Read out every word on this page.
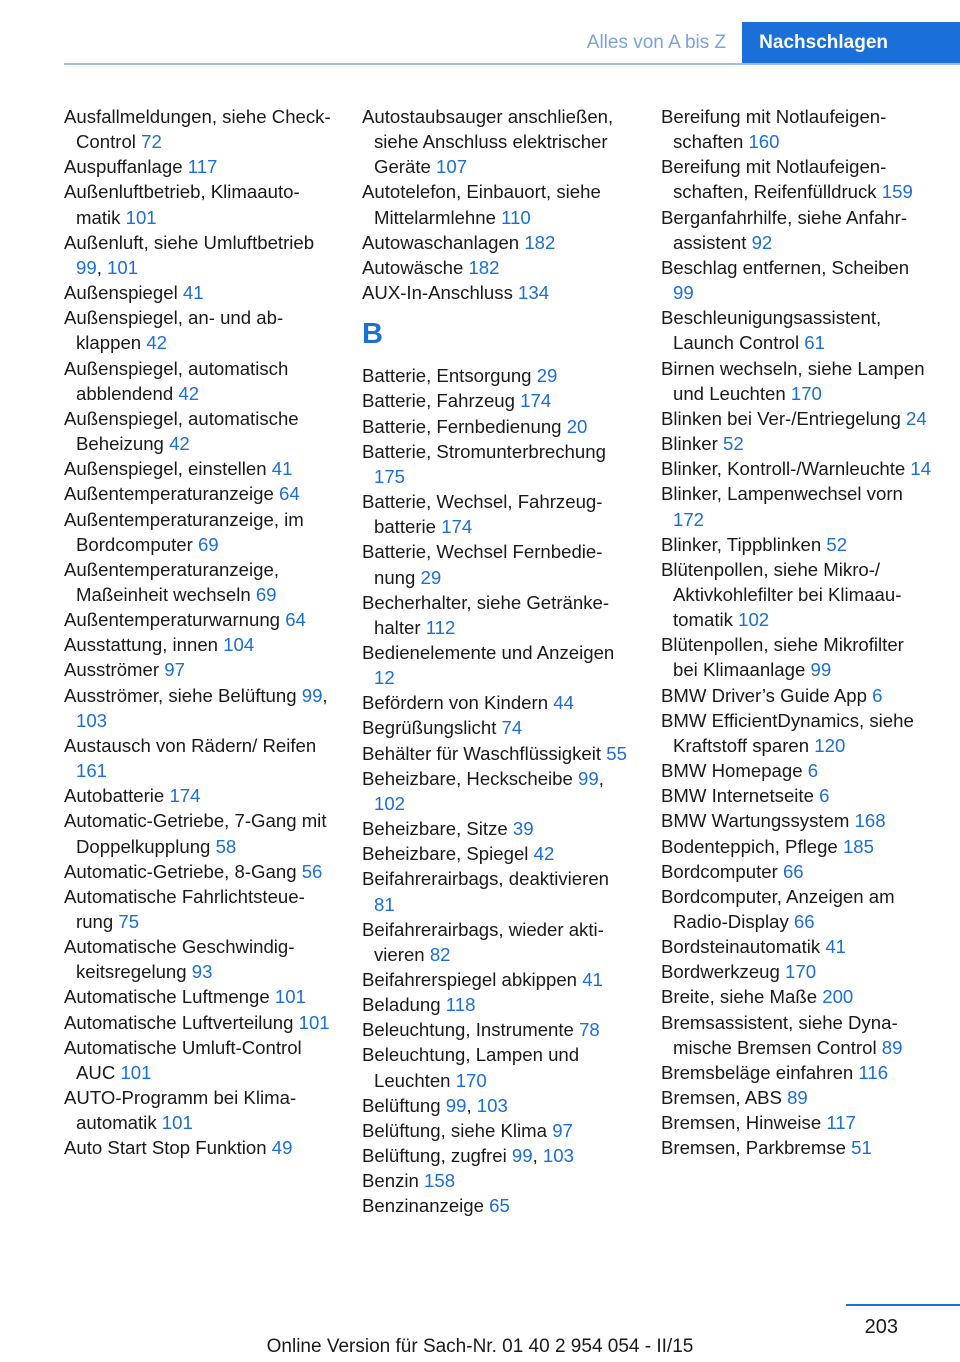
Alles von A bis Z	Nachschlagen
Ausfallmeldungen, siehe Check-Control 72
Auspuffanlage 117
Außenluftbetrieb, Klimaautomatik 101
Außenluft, siehe Umluftbetrieb 99, 101
Außenspiegel 41
Außenspiegel, an- und abklappen 42
Außenspiegel, automatisch abblendend 42
Außenspiegel, automatische Beheizung 42
Außenspiegel, einstellen 41
Außentemperaturanzeige 64
Außentemperaturanzeige, im Bordcomputer 69
Außentemperaturanzeige, Maßeinheit wechseln 69
Außentemperaturwarnung 64
Ausstattung, innen 104
Ausströmer 97
Ausströmer, siehe Belüftung 99, 103
Austausch von Rädern/ Reifen 161
Autobatterie 174
Automatic-Getriebe, 7-Gang mit Doppelkupplung 58
Automatic-Getriebe, 8-Gang 56
Automatische Fahrlichtsteuerung 75
Automatische Geschwindigkeitsregelung 93
Automatische Luftmenge 101
Automatische Luftverteilung 101
Automatische Umluft-Control AUC 101
AUTO-Programm bei Klimaautomatik 101
Auto Start Stop Funktion 49
Autostaubsauger anschließen, siehe Anschluss elektrischer Geräte 107
Autotelefon, Einbauort, siehe Mittelarmlehne 110
Autowaschanlagen 182
Autowäsche 182
AUX-In-Anschluss 134
B
Batterie, Entsorgung 29
Batterie, Fahrzeug 174
Batterie, Fernbedienung 20
Batterie, Stromunterbrechung 175
Batterie, Wechsel, Fahrzeugbatterie 174
Batterie, Wechsel Fernbedienung 29
Becherhalter, siehe Getränkehalter 112
Bedienelemente und Anzeigen 12
Befördern von Kindern 44
Begrüßungslicht 74
Behälter für Waschflüssigkeit 55
Beheizbare, Heckscheibe 99, 102
Beheizbare, Sitze 39
Beheizbare, Spiegel 42
Beifahrerairbags, deaktivieren 81
Beifahrerairbags, wieder aktivieren 82
Beifahrerspiegel abkippen 41
Beladung 118
Beleuchtung, Instrumente 78
Beleuchtung, Lampen und Leuchten 170
Belüftung 99, 103
Belüftung, siehe Klima 97
Belüftung, zugfrei 99, 103
Benzin 158
Benzinanzeige 65
Bereifung mit Notlaufeigenschaften 160
Bereifung mit Notlaufeigenschaften, Reifenfülldruck 159
Berganfahrhilfe, siehe Anfahrassistent 92
Beschlag entfernen, Scheiben 99
Beschleunigungsassistent, Launch Control 61
Birnen wechseln, siehe Lampen und Leuchten 170
Blinken bei Ver-/Entriegelung 24
Blinker 52
Blinker, Kontroll-/Warnleuchte 14
Blinker, Lampenwechsel vorn 172
Blinker, Tippblinken 52
Blütenpollen, siehe Mikro-/ Aktivkohlefilter bei Klimaautomatik 102
Blütenpollen, siehe Mikrofilter bei Klimaanlage 99
BMW Driver’s Guide App 6
BMW EfficientDynamics, siehe Kraftstoff sparen 120
BMW Homepage 6
BMW Internetseite 6
BMW Wartungssystem 168
Bodenteppich, Pflege 185
Bordcomputer 66
Bordcomputer, Anzeigen am Radio-Display 66
Bordsteinautomatik 41
Bordwerkzeug 170
Breite, siehe Maße 200
Bremsassistent, siehe Dynamische Bremsen Control 89
Bremsbeläge einfahren 116
Bremsen, ABS 89
Bremsen, Hinweise 117
Bremsen, Parkbremse 51
203
Online Version für Sach-Nr. 01 40 2 954 054 - II/15
